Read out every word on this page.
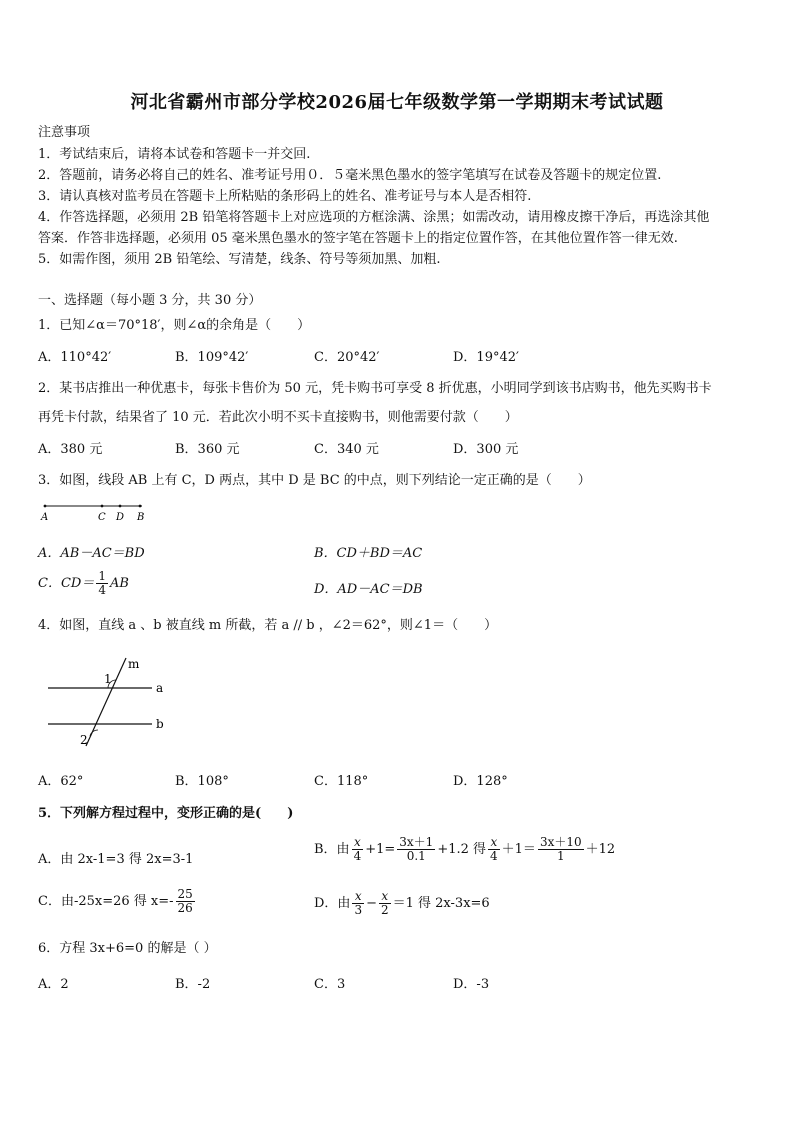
河北省霸州市部分学校2026届七年级数学第一学期期末考试试题
注意事项
1．考试结束后，请将本试卷和答题卡一并交回.
2．答题前，请务必将自己的姓名、准考证号用０．５毫米黑色墨水的签字笔填写在试卷及答题卡的规定位置.
3．请认真核对监考员在答题卡上所粘贴的条形码上的姓名、准考证号与本人是否相符.
4．作答选择题，必须用 2B 铅笔将答题卡上对应选项的方框涂满、涂黑；如需改动，请用橡皮擦干净后，再选涂其他
答案．作答非选择题，必须用 05 毫米黑色墨水的签字笔在答题卡上的指定位置作答，在其他位置作答一律无效.
5．如需作图，须用 2B 铅笔绘、写清楚，线条、符号等须加黑、加粗.
一、选择题（每小题 3 分，共 30 分）
1．已知∠α＝70°18′，则∠α的余角是（　　）
A．110°42′	B．109°42′	C．20°42′	D．19°42′
2．某书店推出一种优惠卡，每张卡售价为 50 元，凭卡购书可享受 8 折优惠，小明同学到该书店购书，他先买购书卡
再凭卡付款，结果省了 10 元．若此次小明不买卡直接购书，则他需要付款（　　）
A．380 元	B．360 元	C．340 元	D．300 元
3．如图，线段 AB 上有 C，D 两点，其中 D 是 BC 的中点，则下列结论一定正确的是（　　）
A	C D B
A．AB－AC＝BD	B．CD＋BD＝AC
C．$CD= \frac{1}{4}$ AB	D．AD－AC＝DB
4．如图，直线 a 、b 被直线 m 所截，若 a // b ，∠2＝62°，则∠1＝（　　）
m
1
a
b
2
A．62°	B．108°	C．118°	D．128°
5．下列解方程过程中，变形正确的是(　　)
A．由 2x-1=3 得 2x=3-1
B．由 $\frac{x}{4} +1= \frac{3x+1}{0.1} +1.2$ 得 $\frac{x}{4} +1= \frac{3x+10}{1} +12$
C．由-25x=26 得 $x=- \frac{25}{26}$	D．由 $\frac{x}{3} - \frac{x}{2} =1$ 得 2x-3x=6
6．方程 3x+6=0 的解是（ ）
A．2	B．-2	C．3	D．-3
